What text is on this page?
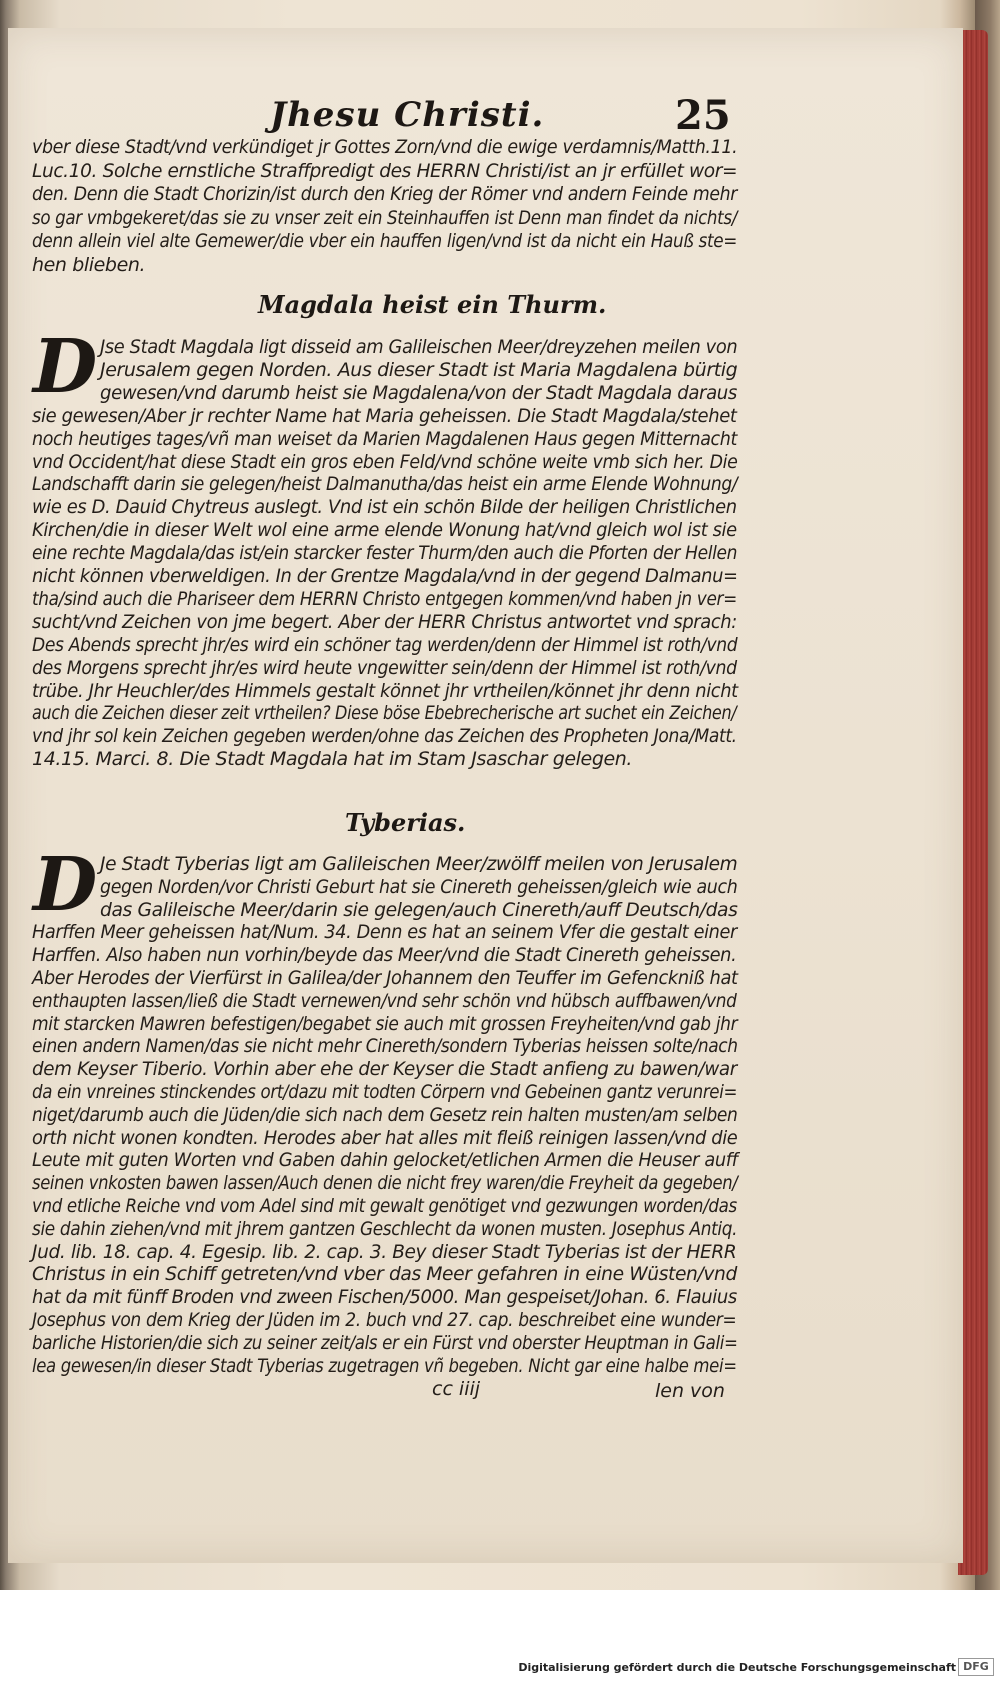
Jhesu Christi.	25
vber diese Stadt/vnd verkündiget jr Gottes Zorn/vnd die ewige verdamnis/Matth.11.
Luc.10. Solche ernstliche Straffpredigt des HERRN Christi/ist an jr erfüllet wor=
den. Denn die Stadt Chorizin/ist durch den Krieg der Römer vnd andern Feinde mehr
so gar vmbgekeret/das sie zu vnser zeit ein Steinhauffen ist Denn man findet da nichts/
denn allein viel alte Gemewer/die vber ein hauffen ligen/vnd ist da nicht ein Hauß ste=
hen blieben.
Magdala heist ein Thurm.
D Jse Stadt Magdala ligt disseid am Galileischen Meer/dreyzehen meilen von
Jerusalem gegen Norden. Aus dieser Stadt ist Maria Magdalena bürtig
gewesen/vnd darumb heist sie Magdalena/von der Stadt Magdala daraus
sie gewesen/Aber jr rechter Name hat Maria geheissen. Die Stadt Magdala/stehet
noch heutiges tages/vñ man weiset da Marien Magdalenen Haus gegen Mitternacht
vnd Occident/hat diese Stadt ein gros eben Feld/vnd schöne weite vmb sich her. Die
Landschafft darin sie gelegen/heist Dalmanutha/das heist ein arme Elende Wohnung/
wie es D. Dauid Chytreus auslegt. Vnd ist ein schön Bilde der heiligen Christlichen
Kirchen/die in dieser Welt wol eine arme elende Wonung hat/vnd gleich wol ist sie
eine rechte Magdala/das ist/ein starcker fester Thurm/den auch die Pforten der Hellen
nicht können vberweldigen. In der Grentze Magdala/vnd in der gegend Dalmanu=
tha/sind auch die Phariseer dem HERRN Christo entgegen kommen/vnd haben jn ver=
sucht/vnd Zeichen von jme begert. Aber der HERR Christus antwortet vnd sprach:
Des Abends sprecht jhr/es wird ein schöner tag werden/denn der Himmel ist roth/vnd
des Morgens sprecht jhr/es wird heute vngewitter sein/denn der Himmel ist roth/vnd
trübe. Jhr Heuchler/des Himmels gestalt könnet jhr vrtheilen/könnet jhr denn nicht
auch die Zeichen dieser zeit vrtheilen? Diese böse Ebebrecherische art suchet ein Zeichen/
vnd jhr sol kein Zeichen gegeben werden/ohne das Zeichen des Propheten Jona/Matt.
14.15. Marci. 8. Die Stadt Magdala hat im Stam Jsaschar gelegen.
Tyberias.
D Je Stadt Tyberias ligt am Galileischen Meer/zwölff meilen von Jerusalem
gegen Norden/vor Christi Geburt hat sie Cinereth geheissen/gleich wie auch
das Galileische Meer/darin sie gelegen/auch Cinereth/auff Deutsch/das
Harffen Meer geheissen hat/Num. 34. Denn es hat an seinem Vfer die gestalt einer
Harffen. Also haben nun vorhin/beyde das Meer/vnd die Stadt Cinereth geheissen.
Aber Herodes der Vierfürst in Galilea/der Johannem den Teuffer im Gefenckniß hat
enthaupten lassen/ließ die Stadt vernewen/vnd sehr schön vnd hübsch auffbawen/vnd
mit starcken Mawren befestigen/begabet sie auch mit grossen Freyheiten/vnd gab jhr
einen andern Namen/das sie nicht mehr Cinereth/sondern Tyberias heissen solte/nach
dem Keyser Tiberio. Vorhin aber ehe der Keyser die Stadt anfieng zu bawen/war
da ein vnreines stinckendes ort/dazu mit todten Cörpern vnd Gebeinen gantz verunrei=
niget/darumb auch die Jüden/die sich nach dem Gesetz rein halten musten/am selben
orth nicht wonen kondten. Herodes aber hat alles mit fleiß reinigen lassen/vnd die
Leute mit guten Worten vnd Gaben dahin gelocket/etlichen Armen die Heuser auff
seinen vnkosten bawen lassen/Auch denen die nicht frey waren/die Freyheit da gegeben/
vnd etliche Reiche vnd vom Adel sind mit gewalt genötiget vnd gezwungen worden/das
sie dahin ziehen/vnd mit jhrem gantzen Geschlecht da wonen musten. Josephus Antiq.
Jud. lib. 18. cap. 4. Egesip. lib. 2. cap. 3. Bey dieser Stadt Tyberias ist der HERR
Christus in ein Schiff getreten/vnd vber das Meer gefahren in eine Wüsten/vnd
hat da mit fünff Broden vnd zween Fischen/5000. Man gespeiset/Johan. 6. Flauius
Josephus von dem Krieg der Jüden im 2. buch vnd 27. cap. beschreibet eine wunder=
barliche Historien/die sich zu seiner zeit/als er ein Fürst vnd oberster Heuptman in Gali=
lea gewesen/in dieser Stadt Tyberias zugetragen vñ begeben. Nicht gar eine halbe mei=
cc iiij	len von
Digitalisierung gefördert durch die Deutsche Forschungsgemeinschaft DFG
